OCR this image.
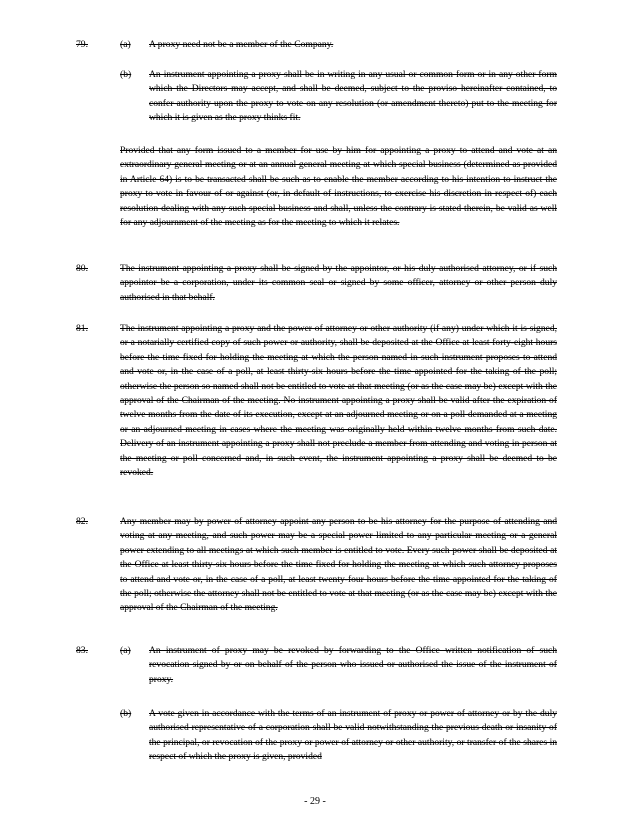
79.	(a) A proxy need not be a member of the Company.
(b) An instrument appointing a proxy shall be in writing in any usual or common form or in any other form which the Directors may accept, and shall be deemed, subject to the proviso hereinafter contained, to confer authority upon the proxy to vote on any resolution (or amendment thereto) put to the meeting for which it is given as the proxy thinks fit.

Provided that any form issued to a member for use by him for appointing a proxy to attend and vote at an extraordinary general meeting or at an annual general meeting at which special business (determined as provided in Article 64) is to be transacted shall be such as to enable the member according to his intention to instruct the proxy to vote in favour of or against (or, in default of instructions, to exercise his discretion in respect of) each resolution dealing with any such special business and shall, unless the contrary is stated therein, be valid as well for any adjournment of the meeting as for the meeting to which it relates.

80.	The instrument appointing a proxy shall be signed by the appointor, or his duly authorised attorney, or if such appointor be a corporation, under its common seal or signed by some officer, attorney or other person duly authorised in that behalf.

81.	The instrument appointing a proxy and the power of attorney or other authority (if any) under which it is signed, or a notarially certified copy of such power or authority, shall be deposited at the Office at least forty-eight hours before the time fixed for holding the meeting at which the person named in such instrument proposes to attend and vote or, in the case of a poll, at least thirty-six hours before the time appointed for the taking of the poll; otherwise the person so named shall not be entitled to vote at that meeting (or as the case may be) except with the approval of the Chairman of the meeting. No instrument appointing a proxy shall be valid after the expiration of twelve months from the date of its execution, except at an adjourned meeting or on a poll demanded at a meeting or an adjourned meeting in cases where the meeting was originally held within twelve months from such date. Delivery of an instrument appointing a proxy shall not preclude a member from attending and voting in person at the meeting or poll concerned and, in such event, the instrument appointing a proxy shall be deemed to be revoked.

82.	Any member may by power of attorney appoint any person to be his attorney for the purpose of attending and voting at any meeting, and such power may be a special power limited to any particular meeting or a general power extending to all meetings at which such member is entitled to vote. Every such power shall be deposited at the Office at least thirty-six hours before the time fixed for holding the meeting at which such attorney proposes to attend and vote or, in the case of a poll, at least twenty-four hours before the time appointed for the taking of the poll; otherwise the attorney shall not be entitled to vote at that meeting (or as the case may be) except with the approval of the Chairman of the meeting.

83.	(a) An instrument of proxy may be revoked by forwarding to the Office written notification of such revocation signed by or on behalf of the person who issued or authorised the issue of the instrument of proxy.

(b) A vote given in accordance with the terms of an instrument of proxy or power of attorney or by the duly authorised representative of a corporation shall be valid notwithstanding the previous death or insanity of the principal, or revocation of the proxy or power of attorney or other authority, or transfer of the shares in respect of which the proxy is given, provided

- 29 -
